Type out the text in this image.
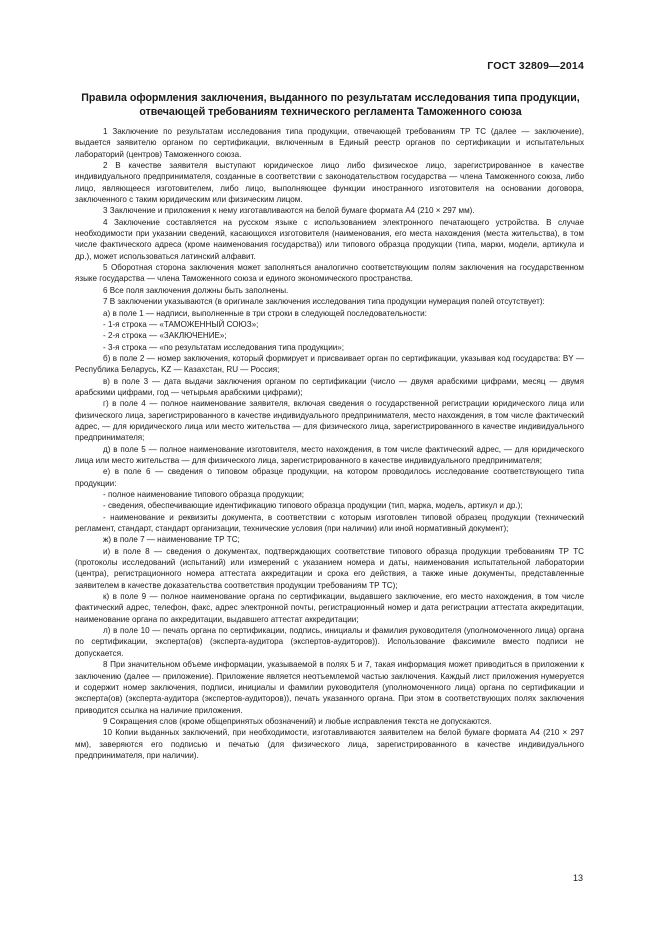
ГОСТ 32809—2014
Правила оформления заключения, выданного по результатам исследования типа продукции,
отвечающей требованиям технического регламента Таможенного союза

1 Заключение по результатам исследования типа продукции, отвечающей требованиям ТР ТС (далее — заключение), выдается заявителю органом по сертификации, включенным в Единый реестр органов по сертификации и испытательных лабораторий (центров) Таможенного союза.

2 В качестве заявителя выступают юридическое лицо либо физическое лицо, зарегистрированное в качестве индивидуального предпринимателя, созданные в соответствии с законодательством государства — члена Таможенного союза, либо лицо, являющееся изготовителем, либо лицо, выполняющее функции иностранного изготовителя на основании договора, заключенного с таким юридическим или физическим лицом.

3 Заключение и приложения к нему изготавливаются на белой бумаге формата А4 (210 × 297 мм).

4 Заключение составляется на русском языке с использованием электронного печатающего устройства. В случае необходимости при указании сведений, касающихся изготовителя (наименования, его места нахождения (места жительства), в том числе фактического адреса (кроме наименования государства)) или типового образца продукции (типа, марки, модели, артикула и др.), может использоваться латинский алфавит.

5 Оборотная сторона заключения может заполняться аналогично соответствующим полям заключения на государственном языке государства — члена Таможенного союза и единого экономического пространства.

6 Все поля заключения должны быть заполнены.

7 В заключении указываются (в оригинале заключения исследования типа продукции нумерация полей отсутствует):

а) в поле 1 — надписи, выполненные в три строки в следующей последовательности:

- 1-я строка — «ТАМОЖЕННЫЙ СОЮЗ»;

- 2-я строка — «ЗАКЛЮЧЕНИЕ»;

- 3-я строка — «по результатам исследования типа продукции»;

б) в поле 2 — номер заключения, который формирует и присваивает орган по сертификации, указывая код государства: BY — Республика Беларусь, KZ — Казахстан, RU — Россия;

в) в поле 3 — дата выдачи заключения органом по сертификации (число — двумя арабскими цифрами, месяц — двумя арабскими цифрами, год — четырьмя арабскими цифрами);

г) в поле 4 — полное наименование заявителя, включая сведения о государственной регистрации юридического лица или физического лица, зарегистрированного в качестве индивидуального предпринимателя, место нахождения, в том числе фактический адрес, — для юридического лица или место жительства — для физического лица, зарегистрированного в качестве индивидуального предпринимателя;

д) в поле 5 — полное наименование изготовителя, место нахождения, в том числе фактический адрес, — для юридического лица или место жительства — для физического лица, зарегистрированного в качестве индивидуального предпринимателя;

е) в поле 6 — сведения о типовом образце продукции, на котором проводилось исследование соответствующего типа продукции:

- полное наименование типового образца продукции;

- сведения, обеспечивающие идентификацию типового образца продукции (тип, марка, модель, артикул и др.);

- наименование и реквизиты документа, в соответствии с которым изготовлен типовой образец продукции (технический регламент, стандарт, стандарт организации, технические условия (при наличии) или иной нормативный документ);

ж) в поле 7 — наименование ТР ТС;

и) в поле 8 — сведения о документах, подтверждающих соответствие типового образца продукции требованиям ТР ТС (протоколы исследований (испытаний) или измерений с указанием номера и даты, наименования испытательной лаборатории (центра), регистрационного номера аттестата аккредитации и срока его действия, а также иные документы, представленные заявителем в качестве доказательства соответствия продукции требованиям ТР ТС);

к) в поле 9 — полное наименование органа по сертификации, выдавшего заключение, его место нахождения, в том числе фактический адрес, телефон, факс, адрес электронной почты, регистрационный номер и дата регистрации аттестата аккредитации, наименование органа по аккредитации, выдавшего аттестат аккредитации;

л) в поле 10 — печать органа по сертификации, подпись, инициалы и фамилия руководителя (уполномоченного лица) органа по сертификации, эксперта(ов) (эксперта-аудитора (экспертов-аудиторов)). Использование факсимиле вместо подписи не допускается.

8 При значительном объеме информации, указываемой в полях 5 и 7, такая информация может приводиться в приложении к заключению (далее — приложение). Приложение является неотъемлемой частью заключения. Каждый лист приложения нумеруется и содержит номер заключения, подписи, инициалы и фамилии руководителя (уполномоченного лица) органа по сертификации и эксперта(ов) (эксперта-аудитора (экспертов-аудиторов)), печать указанного органа. При этом в соответствующих полях заключения приводится ссылка на наличие приложения.

9 Сокращения слов (кроме общепринятых обозначений) и любые исправления текста не допускаются.

10 Копии выданных заключений, при необходимости, изготавливаются заявителем на белой бумаге формата А4 (210 × 297 мм), заверяются его подписью и печатью (для физического лица, зарегистрированного в качестве индивидуального предпринимателя, при наличии).

13
